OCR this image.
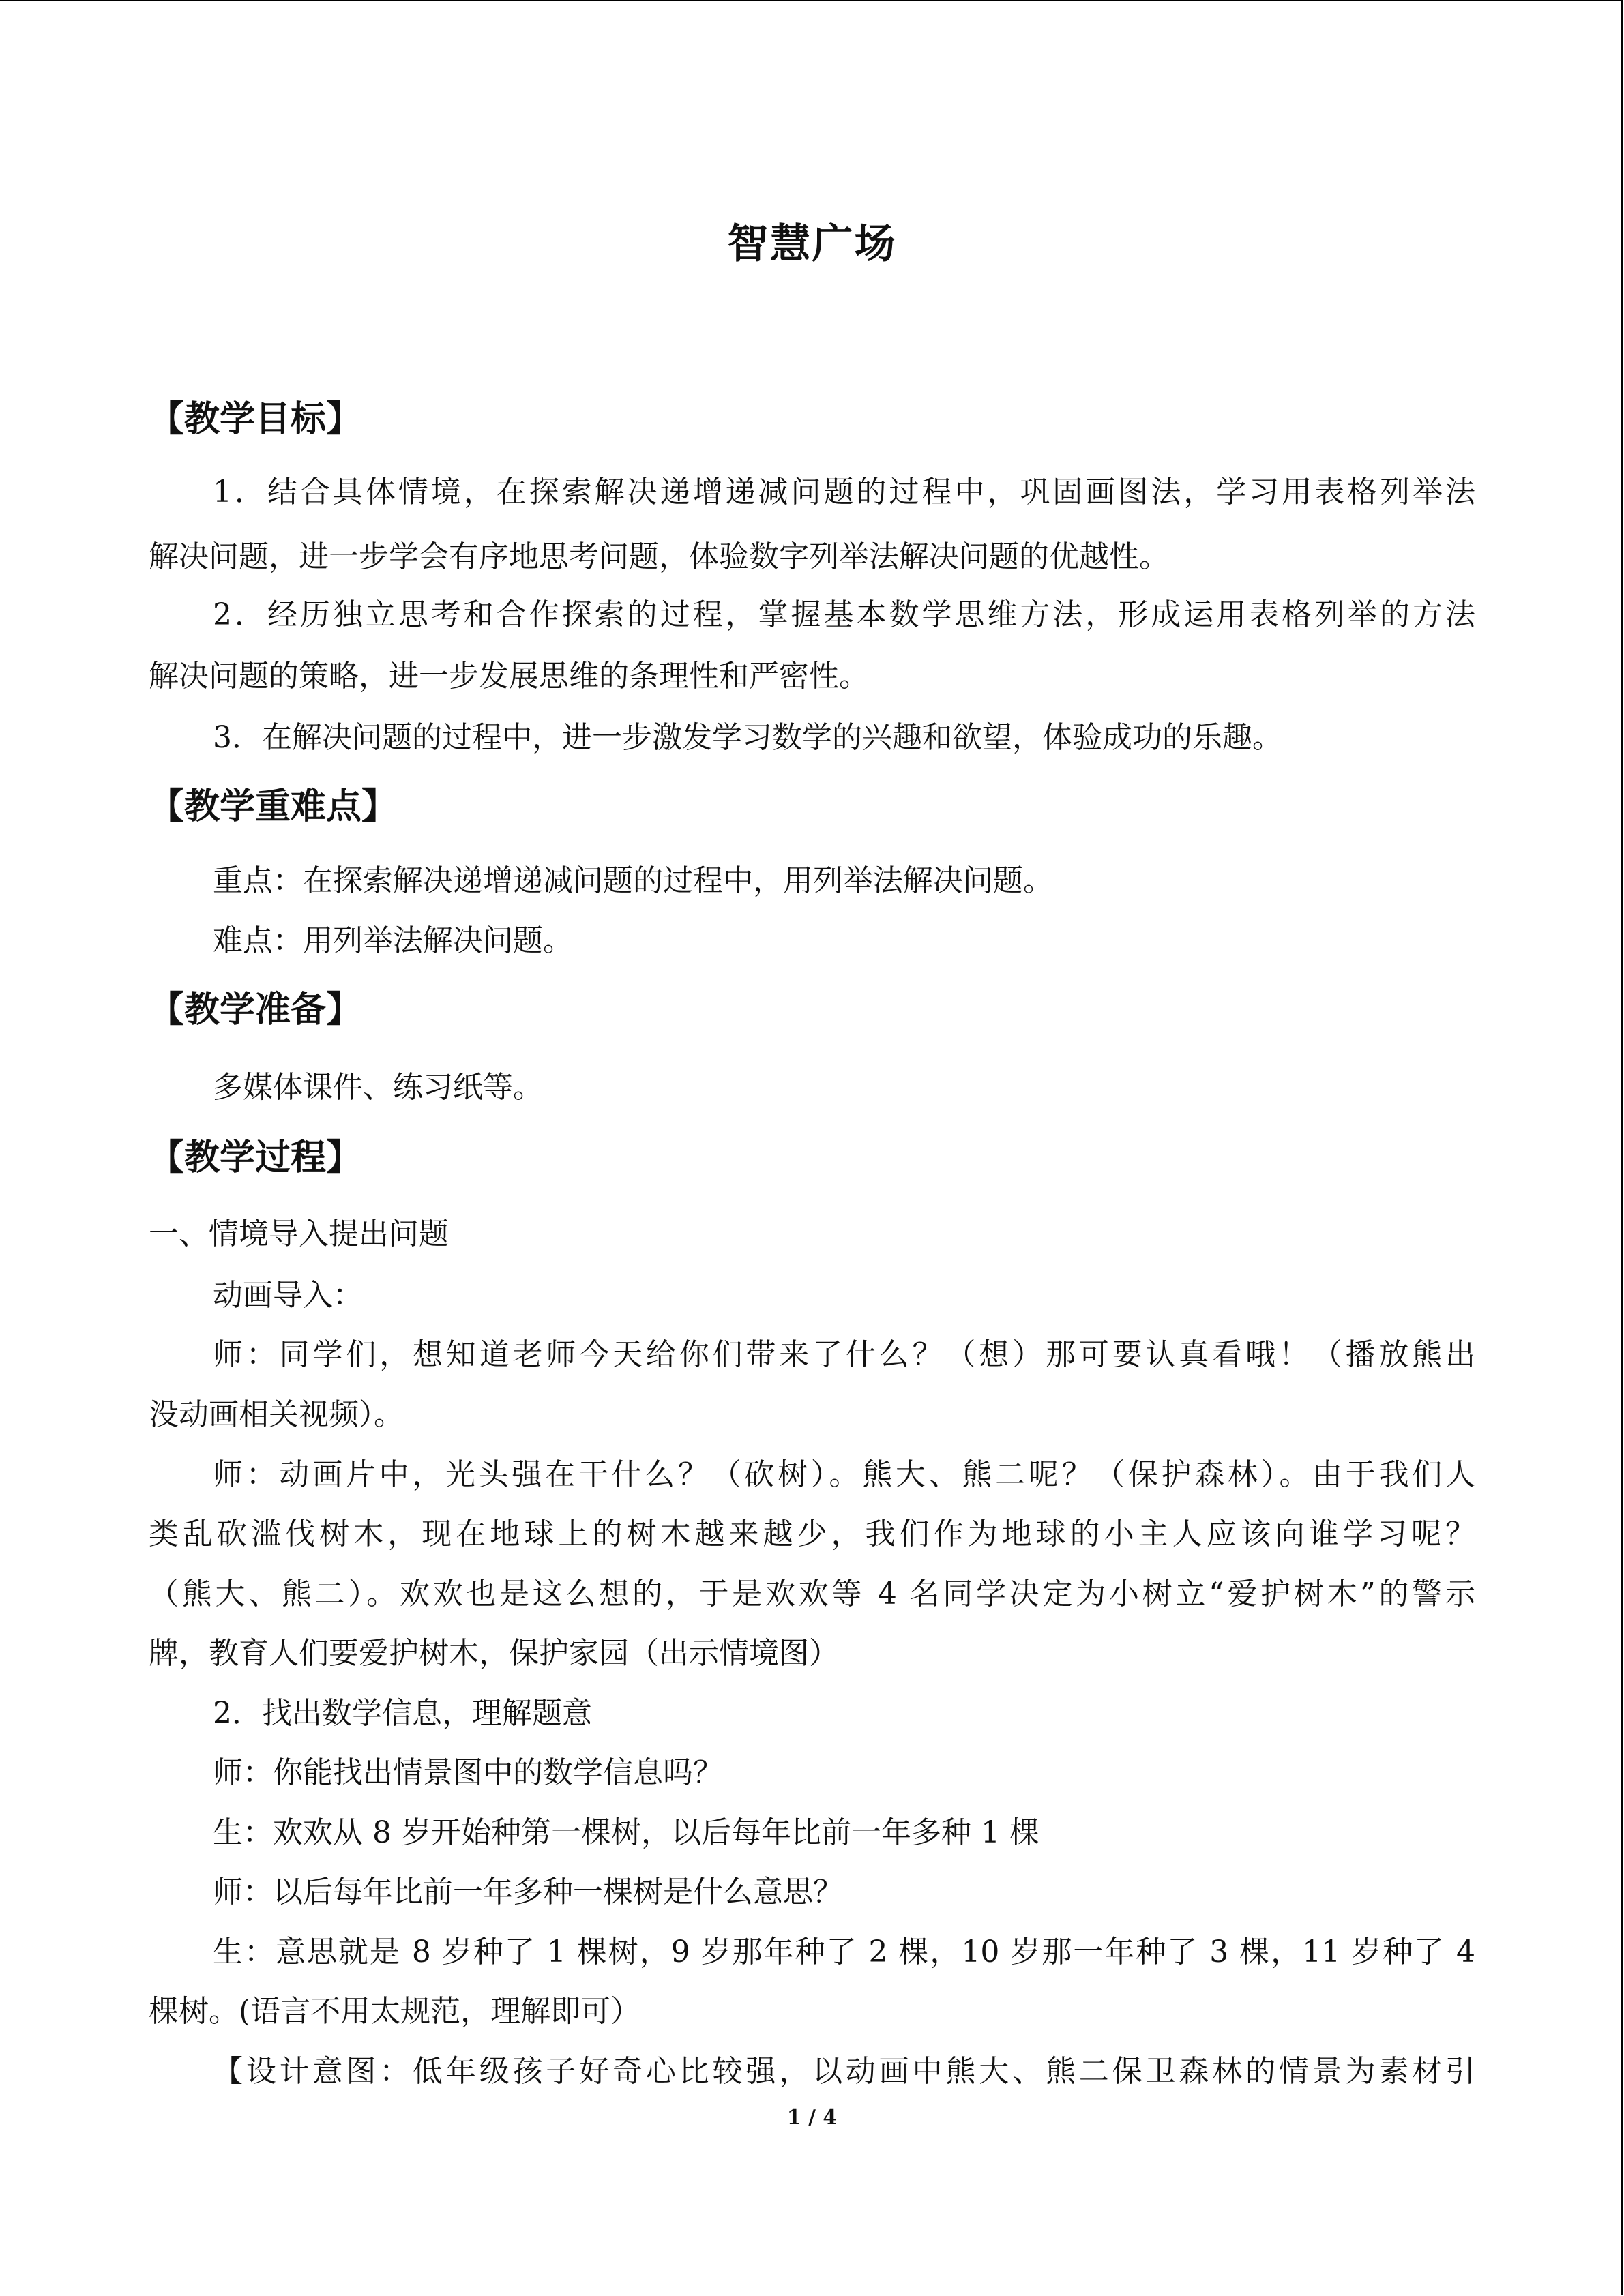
智慧广场
【教学目标】
1．结合具体情境，在探索解决递增递减问题的过程中，巩固画图法，学习用表格列举法
解决问题，进一步学会有序地思考问题，体验数字列举法解决问题的优越性。
2．经历独立思考和合作探索的过程，掌握基本数学思维方法，形成运用表格列举的方法
解决问题的策略，进一步发展思维的条理性和严密性。
3．在解决问题的过程中，进一步激发学习数学的兴趣和欲望，体验成功的乐趣。
【教学重难点】
重点：在探索解决递增递减问题的过程中，用列举法解决问题。
难点：用列举法解决问题。
【教学准备】
多媒体课件、练习纸等。
【教学过程】
一、情境导入提出问题
动画导入：
师：同学们，想知道老师今天给你们带来了什么？（想）那可要认真看哦！（播放熊出
没动画相关视频）。
师：动画片中，光头强在干什么？（砍树）。熊大、熊二呢？（保护森林）。由于我们人
类乱砍滥伐树木，现在地球上的树木越来越少，我们作为地球的小主人应该向谁学习呢？
（熊大、熊二）。欢欢也是这么想的，于是欢欢等 4 名同学决定为小树立“爱护树木”的警示
牌，教育人们要爱护树木，保护家园（出示情境图）
2．找出数学信息，理解题意
师：你能找出情景图中的数学信息吗？
生：欢欢从 8 岁开始种第一棵树，以后每年比前一年多种 1 棵
师：以后每年比前一年多种一棵树是什么意思？
生：意思就是 8 岁种了 1 棵树，9 岁那年种了 2 棵，10 岁那一年种了 3 棵，11 岁种了 4
棵树。(语言不用太规范，理解即可）
【设计意图：低年级孩子好奇心比较强，以动画中熊大、熊二保卫森林的情景为素材引
1 / 4
